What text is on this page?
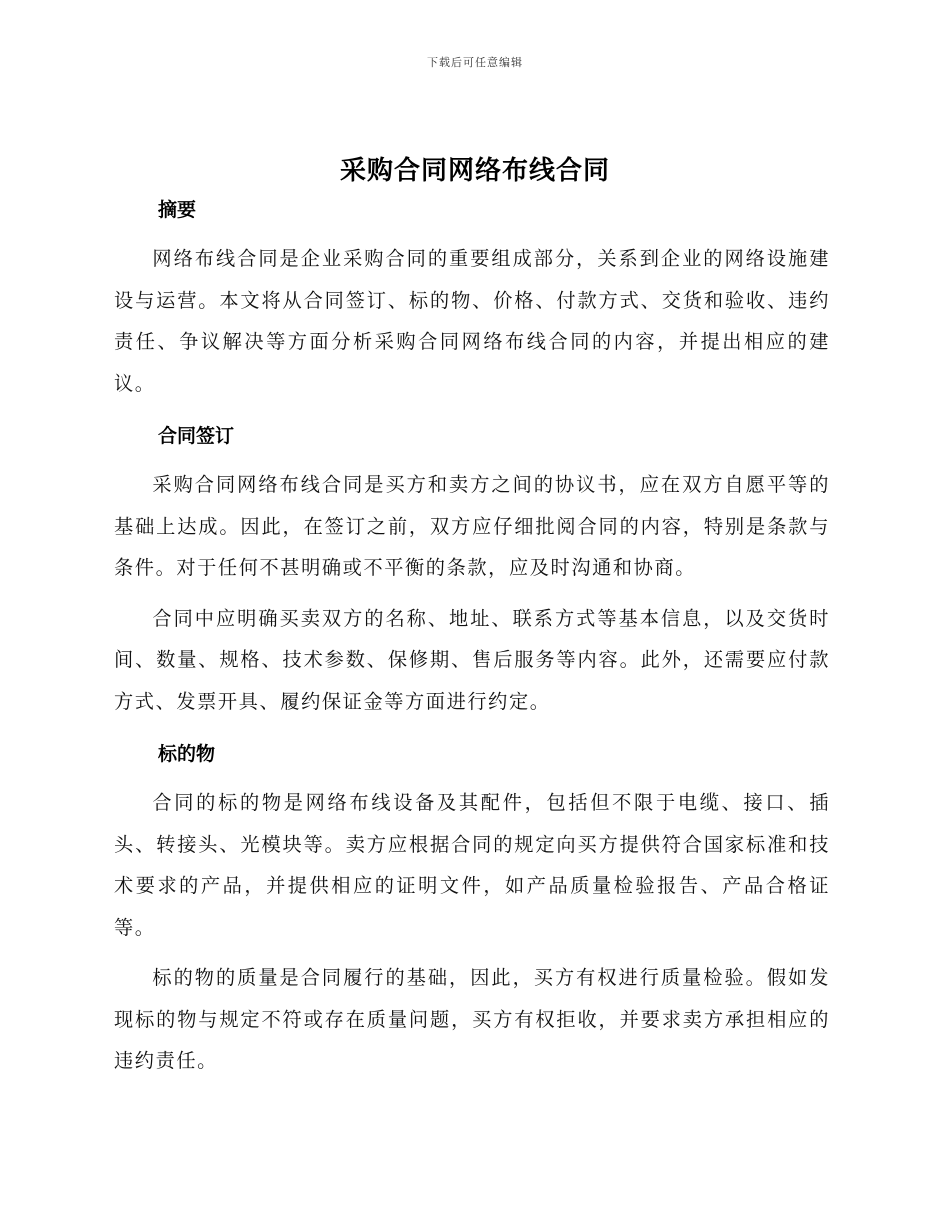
下载后可任意编辑
采购合同网络布线合同
摘要

网络布线合同是企业采购合同的重要组成部分，关系到企业的网络设施建设与运营。本文将从合同签订、标的物、价格、付款方式、交货和验收、违约责任、争议解决等方面分析采购合同网络布线合同的内容，并提出相应的建议。

合同签订

采购合同网络布线合同是买方和卖方之间的协议书，应在双方自愿平等的基础上达成。因此，在签订之前，双方应仔细批阅合同的内容，特别是条款与条件。对于任何不甚明确或不平衡的条款，应及时沟通和协商。

合同中应明确买卖双方的名称、地址、联系方式等基本信息，以及交货时间、数量、规格、技术参数、保修期、售后服务等内容。此外，还需要应付款方式、发票开具、履约保证金等方面进行约定。

标的物

合同的标的物是网络布线设备及其配件，包括但不限于电缆、接口、插头、转接头、光模块等。卖方应根据合同的规定向买方提供符合国家标准和技术要求的产品，并提供相应的证明文件，如产品质量检验报告、产品合格证等。

标的物的质量是合同履行的基础，因此，买方有权进行质量检验。假如发现标的物与规定不符或存在质量问题，买方有权拒收，并要求卖方承担相应的违约责任。
